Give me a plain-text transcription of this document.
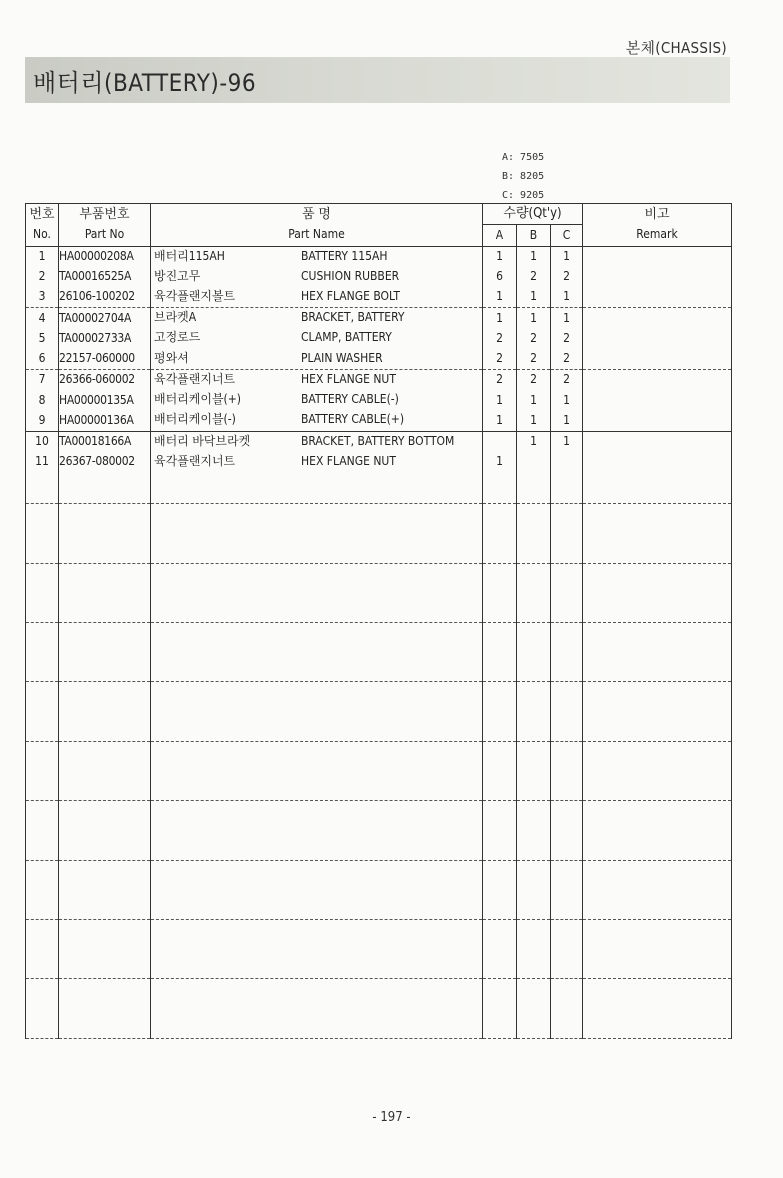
본체(CHASSIS)
배터리(BATTERY)-96
A: 7505
B: 8205
C: 9205
번호	부품번호	품 명	수량(Qt'y)			비고
No.	Part No	Part Name	A	B	C	Remark
1	HA00000208A	배터리115AH BATTERY 115AH	1	1	1	
2	TA00016525A	방진고무 CUSHION RUBBER	6	2	2	
3	26106-100202	육각플랜지볼트 HEX FLANGE BOLT	1	1	1	
4	TA00002704A	브라켓A BRACKET, BATTERY	1	1	1	
5	TA00002733A	고정로드 CLAMP, BATTERY	2	2	2	
6	22157-060000	평와셔 PLAIN WASHER	2	2	2	
7	26366-060002	육각플랜지너트 HEX FLANGE NUT	2	2	2	
8	HA00000135A	배터리케이블(+) BATTERY CABLE(-)	1	1	1	
9	HA00000136A	배터리케이블(-) BATTERY CABLE(+)	1	1	1	
10	TA00018166A	배터리 바닥브라켓 BRACKET, BATTERY BOTTOM		1	1	
11	26367-080002	육각플랜지너트 HEX FLANGE NUT	1			

- 197 -
